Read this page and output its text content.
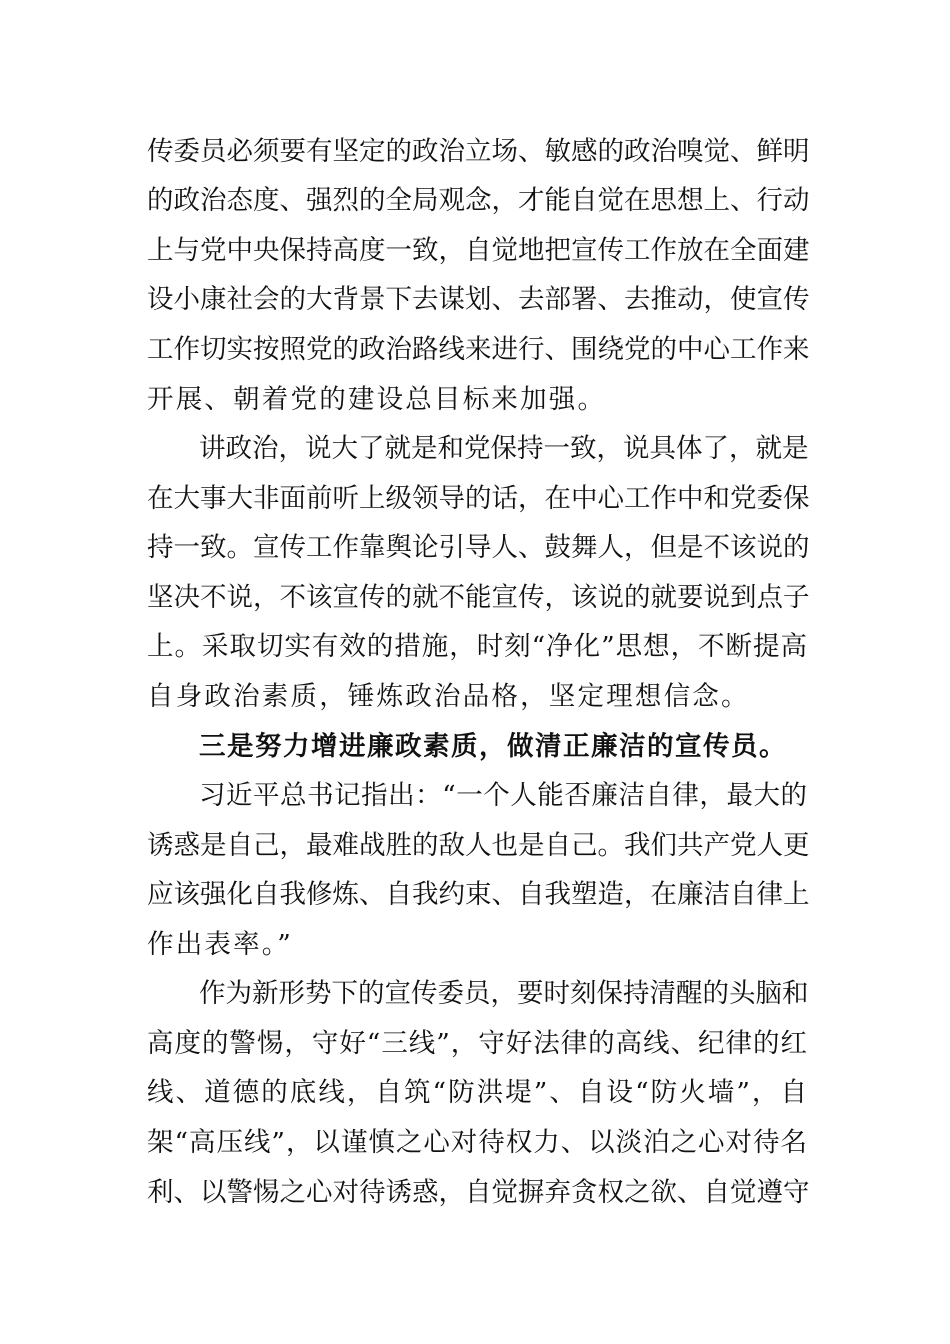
传委员必须要有坚定的政治立场、敏感的政治嗅觉、鲜明
的政治态度、强烈的全局观念，才能自觉在思想上、行动
上与党中央保持高度一致，自觉地把宣传工作放在全面建
设小康社会的大背景下去谋划、去部署、去推动，使宣传
工作切实按照党的政治路线来进行、围绕党的中心工作来
开展、朝着党的建设总目标来加强。
讲政治，说大了就是和党保持一致，说具体了，就是
在大事大非面前听上级领导的话，在中心工作中和党委保
持一致。宣传工作靠舆论引导人、鼓舞人，但是不该说的
坚决不说，不该宣传的就不能宣传，该说的就要说到点子
上。采取切实有效的措施，时刻“净化”思想，不断提高
自身政治素质，锤炼政治品格，坚定理想信念。
三是努力增进廉政素质，做清正廉洁的宣传员。
习近平总书记指出：“一个人能否廉洁自律，最大的
诱惑是自己，最难战胜的敌人也是自己。我们共产党人更
应该强化自我修炼、自我约束、自我塑造，在廉洁自律上
作出表率。”
作为新形势下的宣传委员，要时刻保持清醒的头脑和
高度的警惕，守好“三线”，守好法律的高线、纪律的红
线、道德的底线，自筑“防洪堤”、自设“防火墙”，自
架“高压线”，以谨慎之心对待权力、以淡泊之心对待名
利、以警惕之心对待诱惑，自觉摒弃贪权之欲、自觉遵守
